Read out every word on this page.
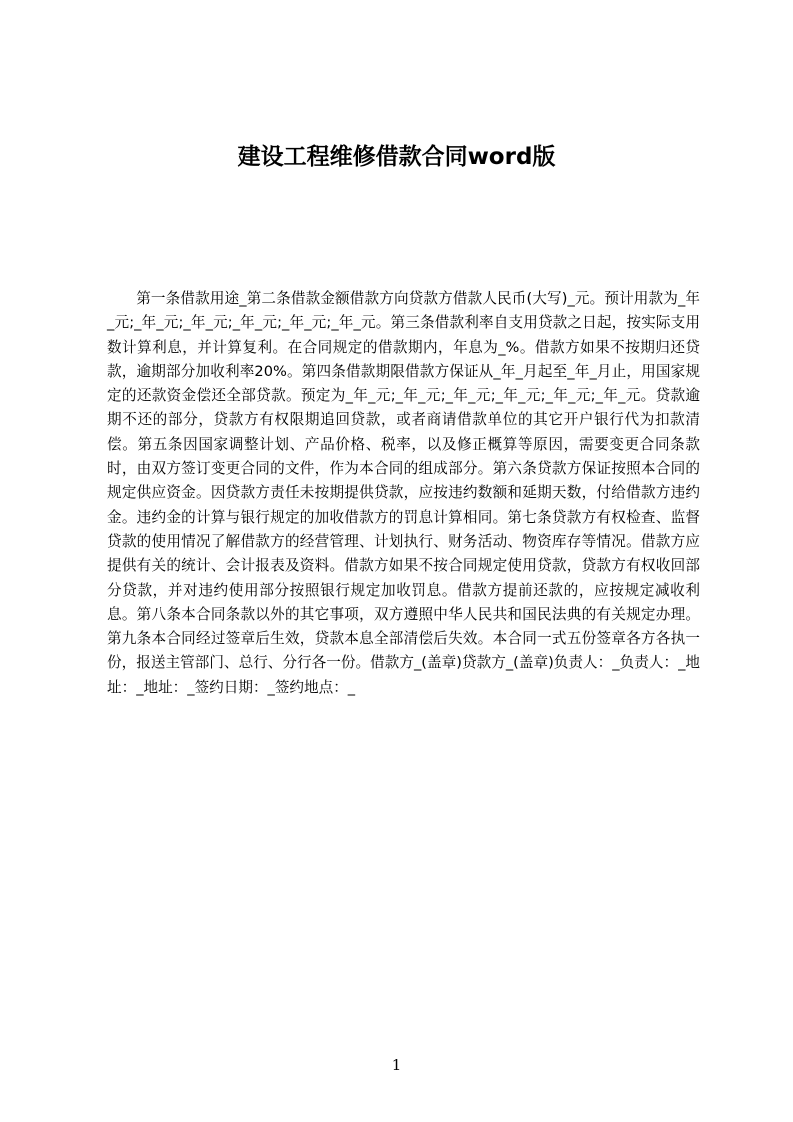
建设工程维修借款合同word版

第一条借款用途_第二条借款金额借款方向贷款方借款人民币(大写)_元。预计用款为_年_元;_年_元;_年_元;_年_元;_年_元;_年_元。第三条借款利率自支用贷款之日起，按实际支用数计算利息，并计算复利。在合同规定的借款期内，年息为_%。借款方如果不按期归还贷款，逾期部分加收利率20%。第四条借款期限借款方保证从_年_月起至_年_月止，用国家规定的还款资金偿还全部贷款。预定为_年_元;_年_元;_年_元;_年_元;_年_元;_年_元。贷款逾期不还的部分，贷款方有权限期追回贷款，或者商请借款单位的其它开户银行代为扣款清偿。第五条因国家调整计划、产品价格、税率，以及修正概算等原因，需要变更合同条款时，由双方签订变更合同的文件，作为本合同的组成部分。第六条贷款方保证按照本合同的规定供应资金。因贷款方责任未按期提供贷款，应按违约数额和延期天数，付给借款方违约金。违约金的计算与银行规定的加收借款方的罚息计算相同。第七条贷款方有权检查、监督贷款的使用情况了解借款方的经营管理、计划执行、财务活动、物资库存等情况。借款方应提供有关的统计、会计报表及资料。借款方如果不按合同规定使用贷款，贷款方有权收回部分贷款，并对违约使用部分按照银行规定加收罚息。借款方提前还款的，应按规定减收利息。第八条本合同条款以外的其它事项，双方遵照中华人民共和国民法典的有关规定办理。第九条本合同经过签章后生效，贷款本息全部清偿后失效。本合同一式五份签章各方各执一份，报送主管部门、总行、分行各一份。借款方_(盖章)贷款方_(盖章)负责人：_负责人：_地址：_地址：_签约日期：_签约地点：_

1
